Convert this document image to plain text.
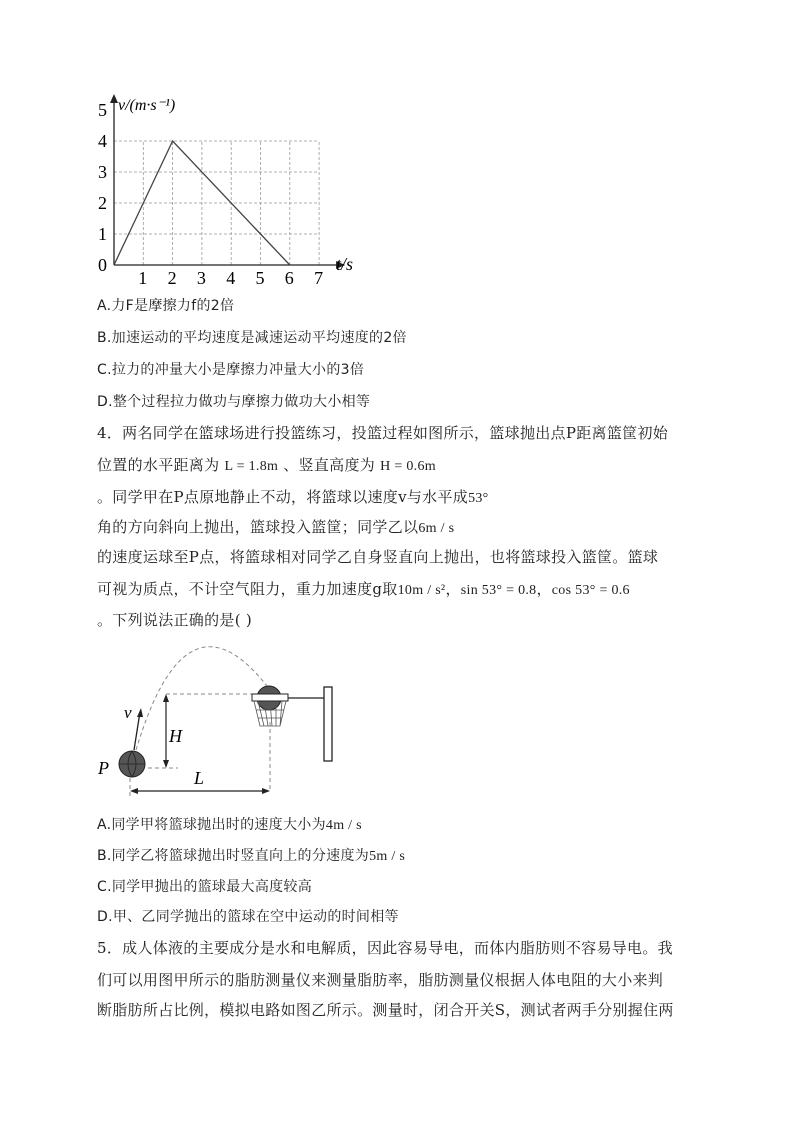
0
1
2
3
4
5
1 2 3 4 5 6 7
v/(m·s⁻¹)
t/s
A.力F是摩擦力f的2倍
B.加速运动的平均速度是减速运动平均速度的2倍
C.拉力的冲量大小是摩擦力冲量大小的3倍
D.整个过程拉力做功与摩擦力做功大小相等
4．两名同学在篮球场进行投篮练习，投篮过程如图所示，篮球抛出点P距离篮筐初始
位置的水平距离为 L = 1.8m 、竖直高度为 H = 0.6m
。同学甲在P点原地静止不动，将篮球以速度v与水平成53°
角的方向斜向上抛出，篮球投入篮筐；同学乙以6m / s
的速度运球至P点，将篮球相对同学乙自身竖直向上抛出，也将篮球投入篮筐。篮球
可视为质点，不计空气阻力，重力加速度g取10m / s²，sin 53° = 0.8，cos 53° = 0.6
。下列说法正确的是( )
v
H
P	L
A.同学甲将篮球抛出时的速度大小为4m / s
B.同学乙将篮球抛出时竖直向上的分速度为5m / s
C.同学甲抛出的篮球最大高度较高
D.甲、乙同学抛出的篮球在空中运动的时间相等
5．成人体液的主要成分是水和电解质，因此容易导电，而体内脂肪则不容易导电。我
们可以用图甲所示的脂肪测量仪来测量脂肪率，脂肪测量仪根据人体电阻的大小来判
断脂肪所占比例，模拟电路如图乙所示。测量时，闭合开关S，测试者两手分别握住两
